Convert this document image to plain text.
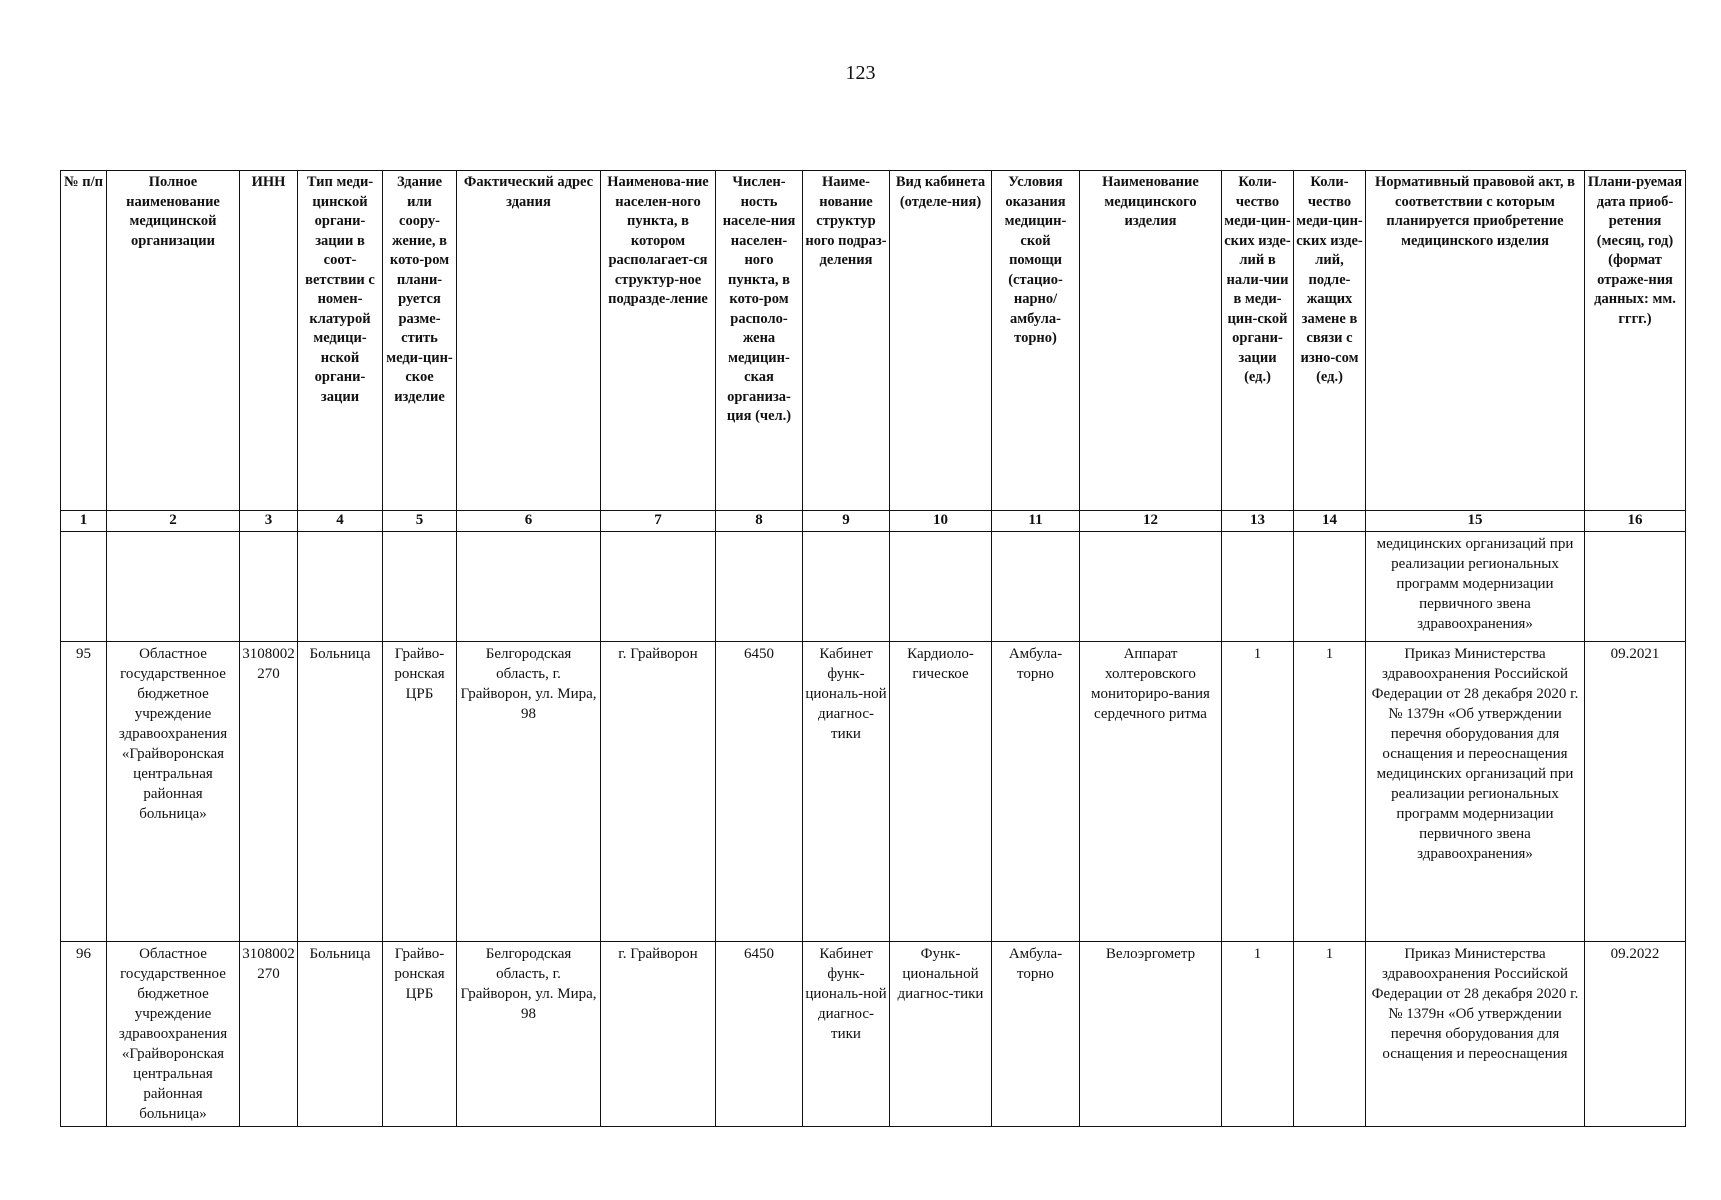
123
№ п/п	Полное наименование медицинской организации	ИНН	Тип меди-цинской органи-зации в соот-ветствии с номен-клатурой медици-нской органи-зации	Здание или соору-жение, в кото-ром плани-руется разме-стить меди-цин-ское изделие	Фактический адрес здания	Наименова-ние населен-ного пункта, в котором располагает-ся структур-ное подразде-ление	Числен-ность населе-ния населен-ного пункта, в кото-ром располо-жена медицин-ская организа-ция (чел.)	Наиме-нование структур ного подраз-деления	Вид кабинета (отделе-ния)	Условия оказания медицин-ской помощи (стацио-нарно/ амбула-торно)	Наименование медицинского изделия	Коли-чество меди-цин-ских изде-лий в нали-чии в меди-цин-ской органи-зации (ед.)	Коли-чество меди-цин-ских изде-лий, подле-жащих замене в связи с изно-сом (ед.)	Нормативный правовой акт, в соответствии с которым планируется приобретение медицинского изделия	Плани-руемая дата приоб-ретения (месяц, год) (формат отраже-ния данных: мм. гггг.)
1	2	3	4	5	6	7	8	9	10	11	12	13	14	15	16
														медицинских организаций при реализации региональных программ модернизации первичного звена здравоохранения»	
95	Областное государственное бюджетное учреждение здравоохранения «Грайворонская центральная районная больница»	3108002270	Больница	Грайво-ронская ЦРБ	Белгородская область, г. Грайворон, ул. Мира, 98	г. Грайворон	6450	Кабинет функ-циональ-ной диагнос-тики	Кардиоло-гическое	Амбула-торно	Аппарат холтеровского мониториро-вания сердечного ритма	1	1	Приказ Министерства здравоохранения Российской Федерации от 28 декабря 2020 г. № 1379н «Об утверждении перечня оборудования для оснащения и переоснащения медицинских организаций при реализации региональных программ модернизации первичного звена здравоохранения»	09.2021
96	Областное государственное бюджетное учреждение здравоохранения «Грайворонская центральная районная больница»	3108002270	Больница	Грайво-ронская ЦРБ	Белгородская область, г. Грайворон, ул. Мира, 98	г. Грайворон	6450	Кабинет функ-циональ-ной диагнос-тики	Функ-циональной диагнос-тики	Амбула-торно	Велоэргометр	1	1	Приказ Министерства здравоохранения Российской Федерации от 28 декабря 2020 г. № 1379н «Об утверждении перечня оборудования для оснащения и переоснащения	09.2022
